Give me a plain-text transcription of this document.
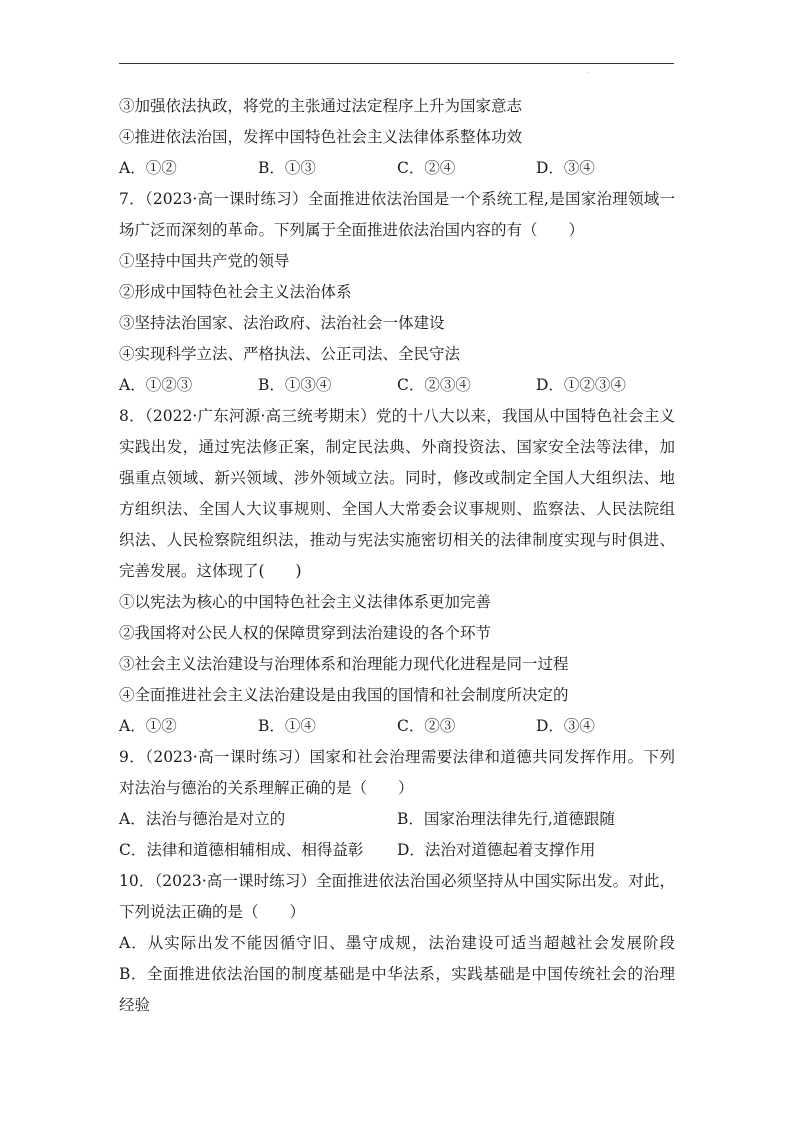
·
③加强依法执政，将党的主张通过法定程序上升为国家意志
④推进依法治国，发挥中国特色社会主义法律体系整体功效
A．①②	B．①③	C．②④	D．③④
7．（2023·高一课时练习）全面推进依法治国是一个系统工程,是国家治理领域一
场广泛而深刻的革命。下列属于全面推进依法治国内容的有（　　）
①坚持中国共产党的领导
②形成中国特色社会主义法治体系
③坚持法治国家、法治政府、法治社会一体建设
④实现科学立法、严格执法、公正司法、全民守法
A．①②③	B．①③④	C．②③④	D．①②③④
8．（2022·广东河源·高三统考期末）党的十八大以来，我国从中国特色社会主义
实践出发，通过宪法修正案，制定民法典、外商投资法、国家安全法等法律，加
强重点领域、新兴领域、涉外领域立法。同时，修改或制定全国人大组织法、地
方组织法、全国人大议事规则、全国人大常委会议事规则、监察法、人民法院组
织法、人民检察院组织法，推动与宪法实施密切相关的法律制度实现与时俱进、
完善发展。这体现了(　　)
①以宪法为核心的中国特色社会主义法律体系更加完善
②我国将对公民人权的保障贯穿到法治建设的各个环节
③社会主义法治建设与治理体系和治理能力现代化进程是同一过程
④全面推进社会主义法治建设是由我国的国情和社会制度所决定的
A．①②	B．①④	C．②③	D．③④
9．（2023·高一课时练习）国家和社会治理需要法律和道德共同发挥作用。下列
对法治与德治的关系理解正确的是（　　）
A．法治与德治是对立的	B．国家治理法律先行,道德跟随
C．法律和道德相辅相成、相得益彰	D．法治对道德起着支撑作用
10．（2023·高一课时练习）全面推进依法治国必须坚持从中国实际出发。对此，
下列说法正确的是（　　）
A．从实际出发不能因循守旧、墨守成规，法治建设可适当超越社会发展阶段
B．全面推进依法治国的制度基础是中华法系，实践基础是中国传统社会的治理
经验
